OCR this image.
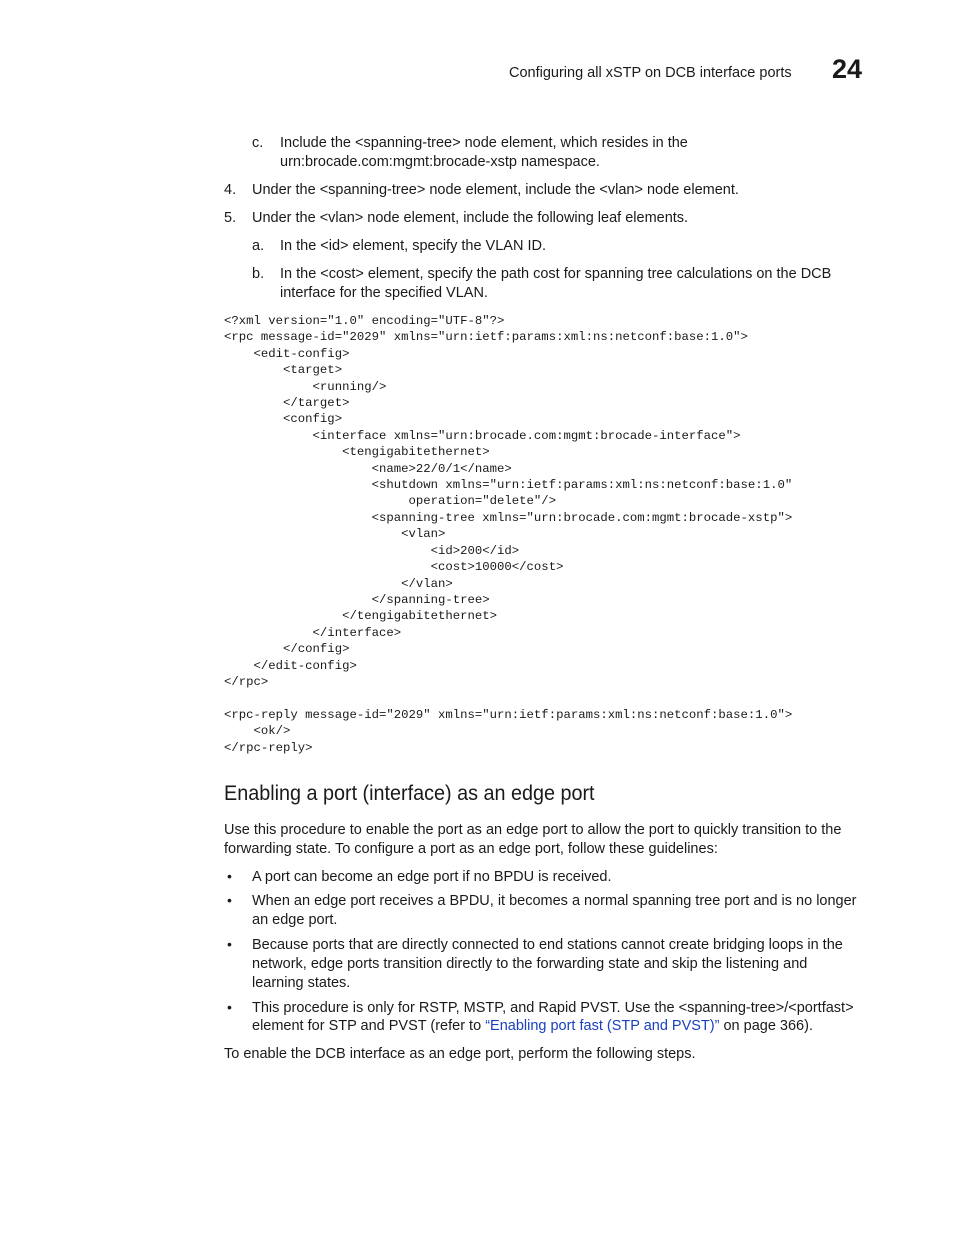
Configuring all xSTP on DCB interface ports 24
c. Include the <spanning-tree> node element, which resides in the
urn:brocade.com:mgmt:brocade-xstp namespace.
4. Under the <spanning-tree> node element, include the <vlan> node element.
5. Under the <vlan> node element, include the following leaf elements.
a. In the <id> element, specify the VLAN ID.
b. In the <cost> element, specify the path cost for spanning tree calculations on the DCB
interface for the specified VLAN.
<?xml version="1.0" encoding="UTF-8"?>
<rpc message-id="2029" xmlns="urn:ietf:params:xml:ns:netconf:base:1.0">
<edit-config>
<target>
<running/>
</target>
<config>
<interface xmlns="urn:brocade.com:mgmt:brocade-interface">
<tengigabitethernet>
<name>22/0/1</name>
<shutdown xmlns="urn:ietf:params:xml:ns:netconf:base:1.0"
operation="delete"/>
<spanning-tree xmlns="urn:brocade.com:mgmt:brocade-xstp">
<vlan>
<id>200</id>
<cost>10000</cost>
</vlan>
</spanning-tree>
</tengigabitethernet>
</interface>
</config>
</edit-config>
</rpc>

<rpc-reply message-id="2029" xmlns="urn:ietf:params:xml:ns:netconf:base:1.0">
<ok/>
</rpc-reply>
Enabling a port (interface) as an edge port
Use this procedure to enable the port as an edge port to allow the port to quickly transition to the
forwarding state. To configure a port as an edge port, follow these guidelines:
• A port can become an edge port if no BPDU is received.
• When an edge port receives a BPDU, it becomes a normal spanning tree port and is no longer
an edge port.
• Because ports that are directly connected to end stations cannot create bridging loops in the
network, edge ports transition directly to the forwarding state and skip the listening and
learning states.
• This procedure is only for RSTP, MSTP, and Rapid PVST. Use the <spanning-tree>/<portfast>
element for STP and PVST (refer to “Enabling port fast (STP and PVST)” on page 366).
To enable the DCB interface as an edge port, perform the following steps.
